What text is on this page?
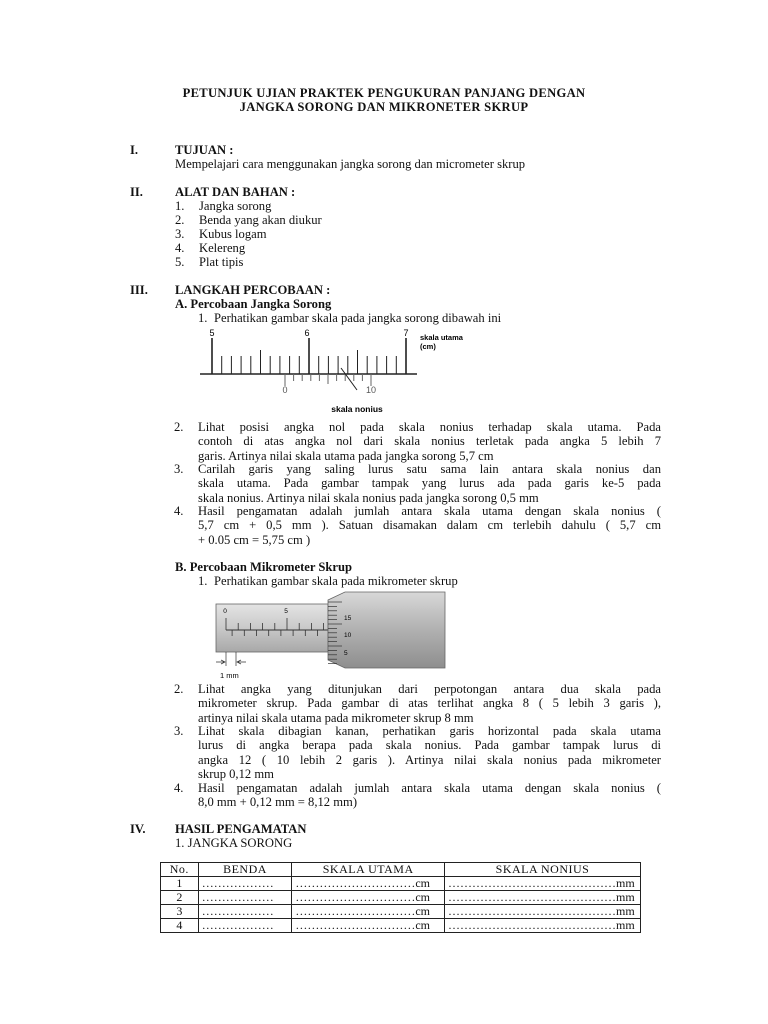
PETUNJUK UJIAN PRAKTEK PENGUKURAN PANJANG DENGAN
JANGKA SORONG DAN MIKRONETER SKRUP
I.	TUJUAN :
Mempelajari cara menggunakan jangka sorong dan micrometer skrup
II.	ALAT DAN BAHAN :
1. Jangka sorong
2. Benda yang akan diukur
3. Kubus logam
4. Kelereng
5. Plat tipis
III. LANGKAH PERCOBAAN :
A. Percobaan Jangka Sorong
1. Perhatikan gambar skala pada jangka sorong dibawah ini
5	6	7
0	10
skala utama
(cm)
skala nonius
2. Lihat posisi angka nol pada skala nonius terhadap skala utama. Pada

contoh di atas angka nol dari skala nonius terletak pada angka 5 lebih 7

garis. Artinya nilai skala utama pada jangka sorong 5,7 cm

3. Carilah garis yang saling lurus satu sama lain antara skala nonius dan

skala utama. Pada gambar tampak yang lurus ada pada garis ke-5 pada

skala nonius. Artinya nilai skala nonius pada jangka sorong 0,5 mm

4. Hasil pengamatan adalah jumlah antara skala utama dengan skala nonius (

5,7 cm + 0,5 mm ). Satuan disamakan dalam cm terlebih dahulu ( 5,7 cm

+ 0.05 cm = 5,75 cm )

B. Percobaan Mikrometer Skrup
1. Perhatikan gambar skala pada mikrometer skrup
0	5
15
10
5
1 mm
2. Lihat angka yang ditunjukan dari perpotongan antara dua skala pada

mikrometer skrup. Pada gambar di atas terlihat angka 8 ( 5 lebih 3 garis ),

artinya nilai skala utama pada mikrometer skrup 8 mm

3. Lihat skala dibagian kanan, perhatikan garis horizontal pada skala utama

lurus di angka berapa pada skala nonius. Pada gambar tampak lurus di

angka 12 ( 10 lebih 2 garis ). Artinya nilai skala nonius pada mikrometer

skrup 0,12 mm

4. Hasil pengamatan adalah jumlah antara skala utama dengan skala nonius (

8,0 mm + 0,12 mm = 8,12 mm)

IV. HASIL PENGAMATAN
1. JANGKA SORONG
No.	BENDA	SKALA UTAMA	SKALA NONIUS
1	………………	…………………………cm	……………………………………mm
2	………………	…………………………cm	……………………………………mm
3	………………	…………………………cm	……………………………………mm
4	………………	…………………………cm	……………………………………mm
